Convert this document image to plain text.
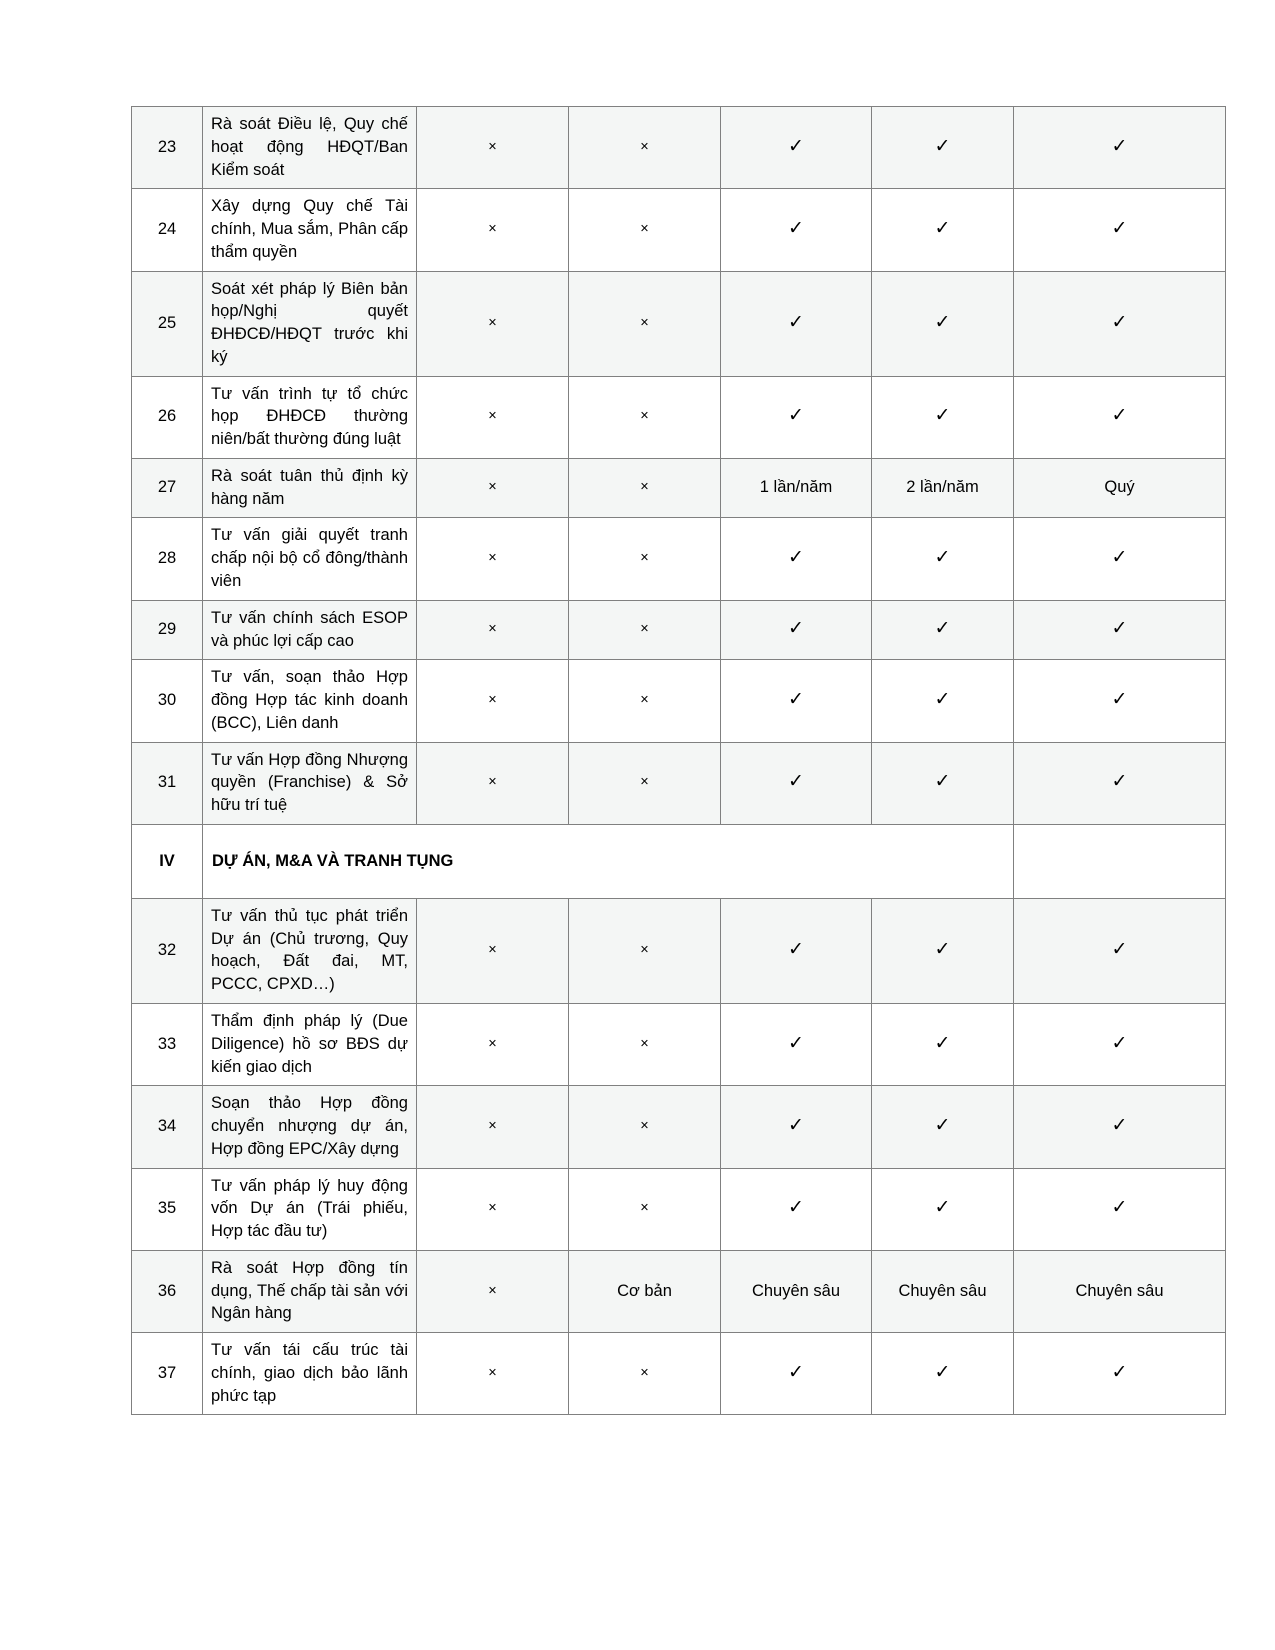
23	Rà soát Điều lệ, Quy chế hoạt động HĐQT/Ban Kiểm soát	×	×	✓	✓	✓
24	Xây dựng Quy chế Tài chính, Mua sắm, Phân cấp thẩm quyền	×	×	✓	✓	✓
25	Soát xét pháp lý Biên bản họp/Nghị quyết ĐHĐCĐ/HĐQT trước khi ký	×	×	✓	✓	✓
26	Tư vấn trình tự tổ chức họp ĐHĐCĐ thường niên/bất thường đúng luật	×	×	✓	✓	✓
27	Rà soát tuân thủ định kỳ hàng năm	×	×	1 lần/năm	2 lần/năm	Quý
28	Tư vấn giải quyết tranh chấp nội bộ cổ đông/thành viên	×	×	✓	✓	✓
29	Tư vấn chính sách ESOP và phúc lợi cấp cao	×	×	✓	✓	✓
30	Tư vấn, soạn thảo Hợp đồng Hợp tác kinh doanh (BCC), Liên danh	×	×	✓	✓	✓
31	Tư vấn Hợp đồng Nhượng quyền (Franchise) & Sở hữu trí tuệ	×	×	✓	✓	✓
IV	DỰ ÁN, M&A VÀ TRANH TỤNG					
32	Tư vấn thủ tục phát triển Dự án (Chủ trương, Quy hoạch, Đất đai, MT, PCCC, CPXD…)	×	×	✓	✓	✓
33	Thẩm định pháp lý (Due Diligence) hồ sơ BĐS dự kiến giao dịch	×	×	✓	✓	✓
34	Soạn thảo Hợp đồng chuyển nhượng dự án, Hợp đồng EPC/Xây dựng	×	×	✓	✓	✓
35	Tư vấn pháp lý huy động vốn Dự án (Trái phiếu, Hợp tác đầu tư)	×	×	✓	✓	✓
36	Rà soát Hợp đồng tín dụng, Thế chấp tài sản với Ngân hàng	×	Cơ bản	Chuyên sâu	Chuyên sâu	Chuyên sâu
37	Tư vấn tái cấu trúc tài chính, giao dịch bảo lãnh phức tạp	×	×	✓	✓	✓
